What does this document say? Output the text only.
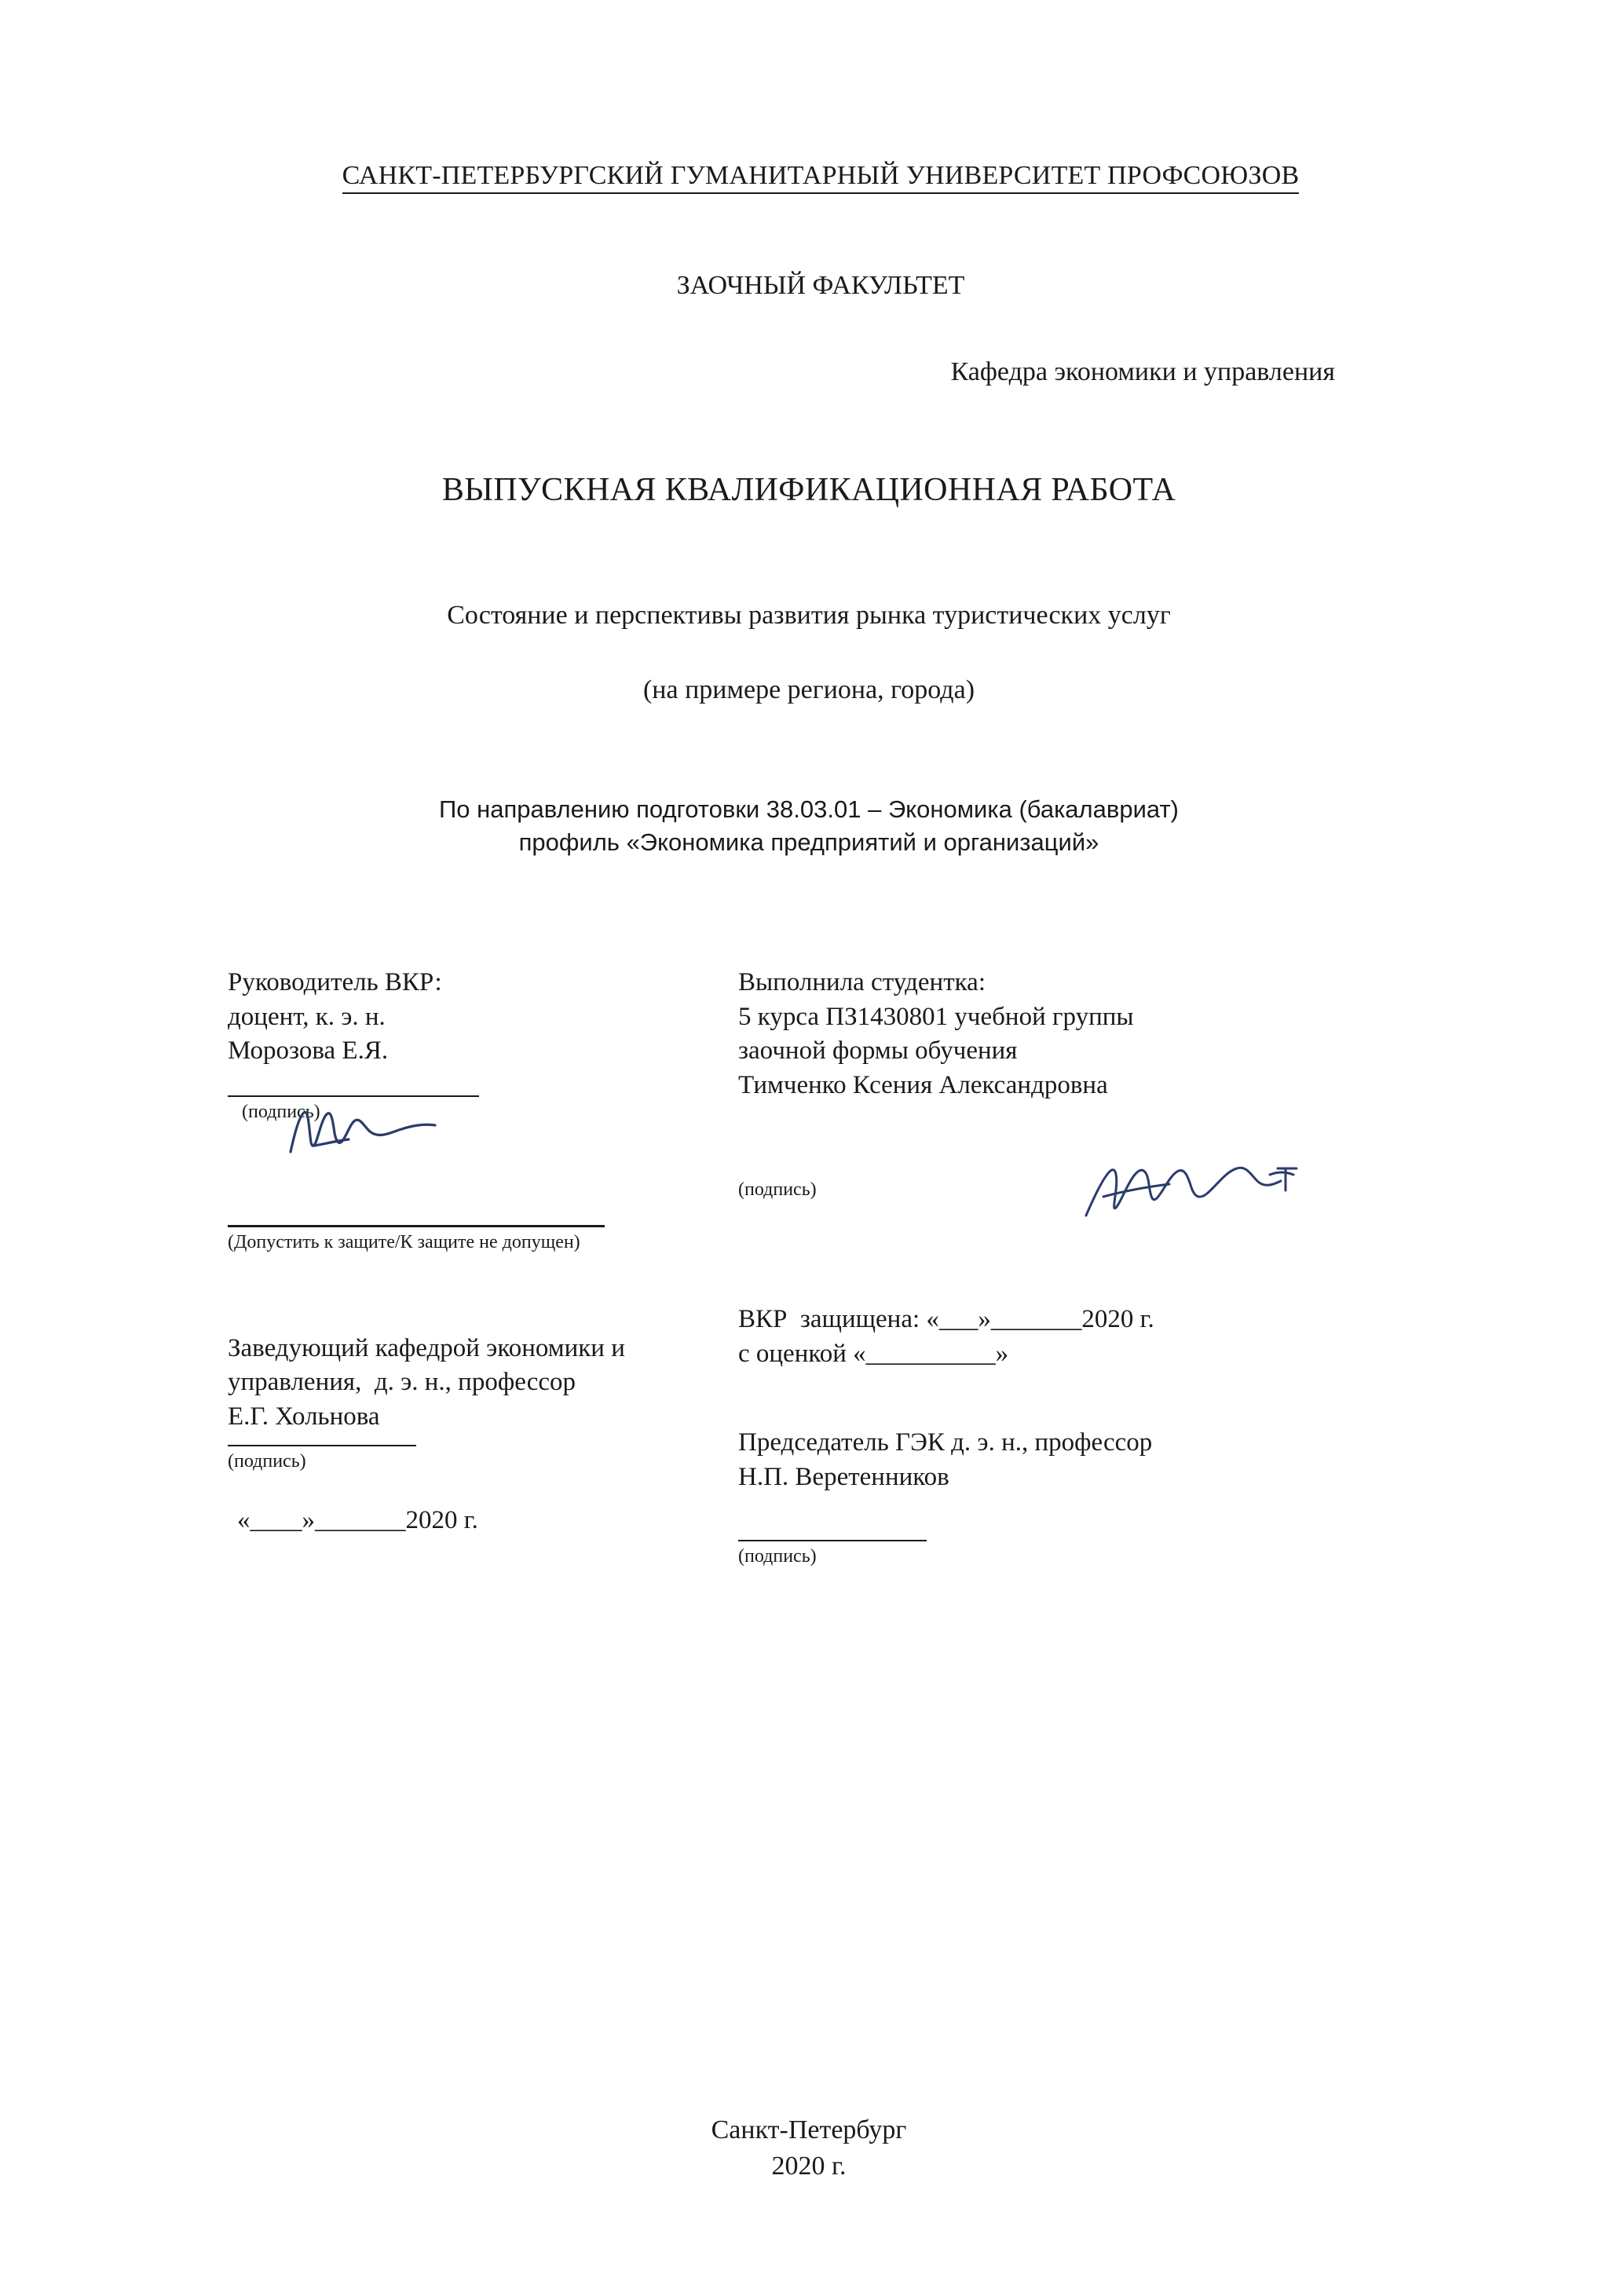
САНКТ-ПЕТЕРБУРГСКИЙ ГУМАНИТАРНЫЙ УНИВЕРСИТЕТ ПРОФСОЮЗОВ
ЗАОЧНЫЙ ФАКУЛЬТЕТ
Кафедра экономики и управления
ВЫПУСКНАЯ КВАЛИФИКАЦИОННАЯ РАБОТА
Состояние и перспективы развития рынка туристических услуг
(на примере региона, города)
По направлению подготовки 38.03.01 – Экономика (бакалавриат)
профиль «Экономика предприятий и организаций»
Руководитель ВКР:
доцент, к. э. н.
Морозова Е.Я.
(подпись)
(Допустить к защите/К защите не допущен)
Заведующий кафедрой экономики и
управления,  д. э. н., профессор
Е.Г. Хольнова
(подпись)
«____»_______2020 г.
Выполнила студентка:
5 курса ПЗ1430801 учебной группы
заочной формы обучения
Тимченко Ксения Александровна
(подпись)
ВКР  защищена: «___»_______2020 г.
с оценкой «__________»
Председатель ГЭК д. э. н., профессор
Н.П. Веретенников
(подпись)
Санкт-Петербург
2020 г.
